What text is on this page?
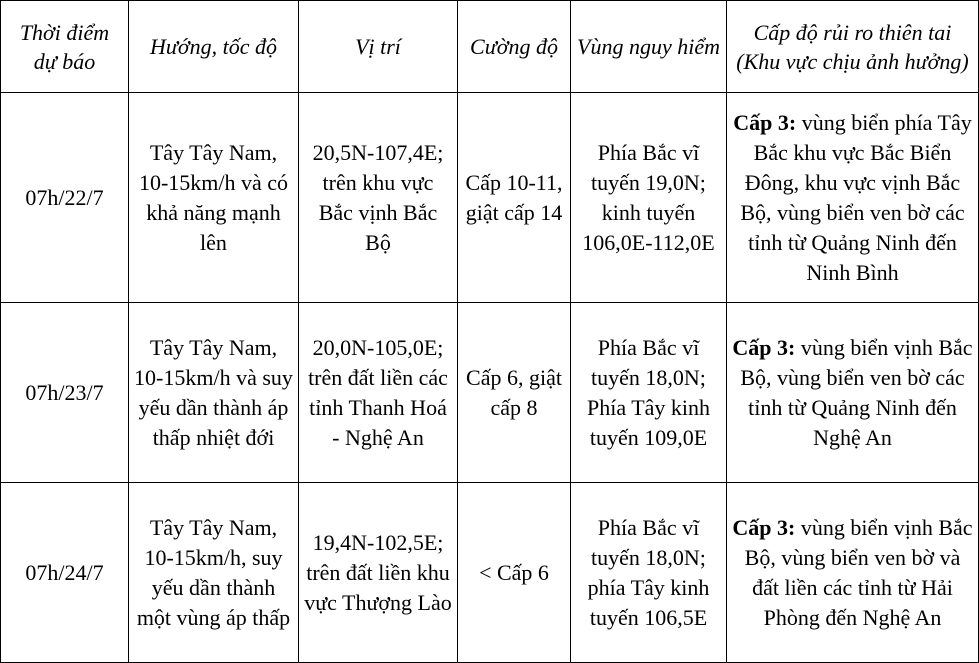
Thời điểm dự báo	Hướng, tốc độ	Vị trí	Cường độ	Vùng nguy hiểm	Cấp độ rủi ro thiên tai (Khu vực chịu ảnh hưởng)
07h/22/7	Tây Tây Nam, 10-15km/h và có khả năng mạnh lên	20,5N-107,4E; trên khu vực Bắc vịnh Bắc Bộ	Cấp 10-11, giật cấp 14	Phía Bắc vĩ tuyến 19,0N; kinh tuyến 106,0E-112,0E	Cấp 3: vùng biển phía Tây Bắc khu vực Bắc Biển Đông, khu vực vịnh Bắc Bộ, vùng biển ven bờ các tỉnh từ Quảng Ninh đến Ninh Bình
07h/23/7	Tây Tây Nam, 10-15km/h và suy yếu dần thành áp thấp nhiệt đới	20,0N-105,0E; trên đất liền các tỉnh Thanh Hoá - Nghệ An	Cấp 6, giật cấp 8	Phía Bắc vĩ tuyến 18,0N; Phía Tây kinh tuyến 109,0E	Cấp 3: vùng biển vịnh Bắc Bộ, vùng biển ven bờ các tỉnh từ Quảng Ninh đến Nghệ An
07h/24/7	Tây Tây Nam, 10-15km/h, suy yếu dần thành một vùng áp thấp	19,4N-102,5E; trên đất liền khu vực Thượng Lào	< Cấp 6	Phía Bắc vĩ tuyến 18,0N; phía Tây kinh tuyến 106,5E	Cấp 3: vùng biển vịnh Bắc Bộ, vùng biển ven bờ và đất liền các tỉnh từ Hải Phòng đến Nghệ An
